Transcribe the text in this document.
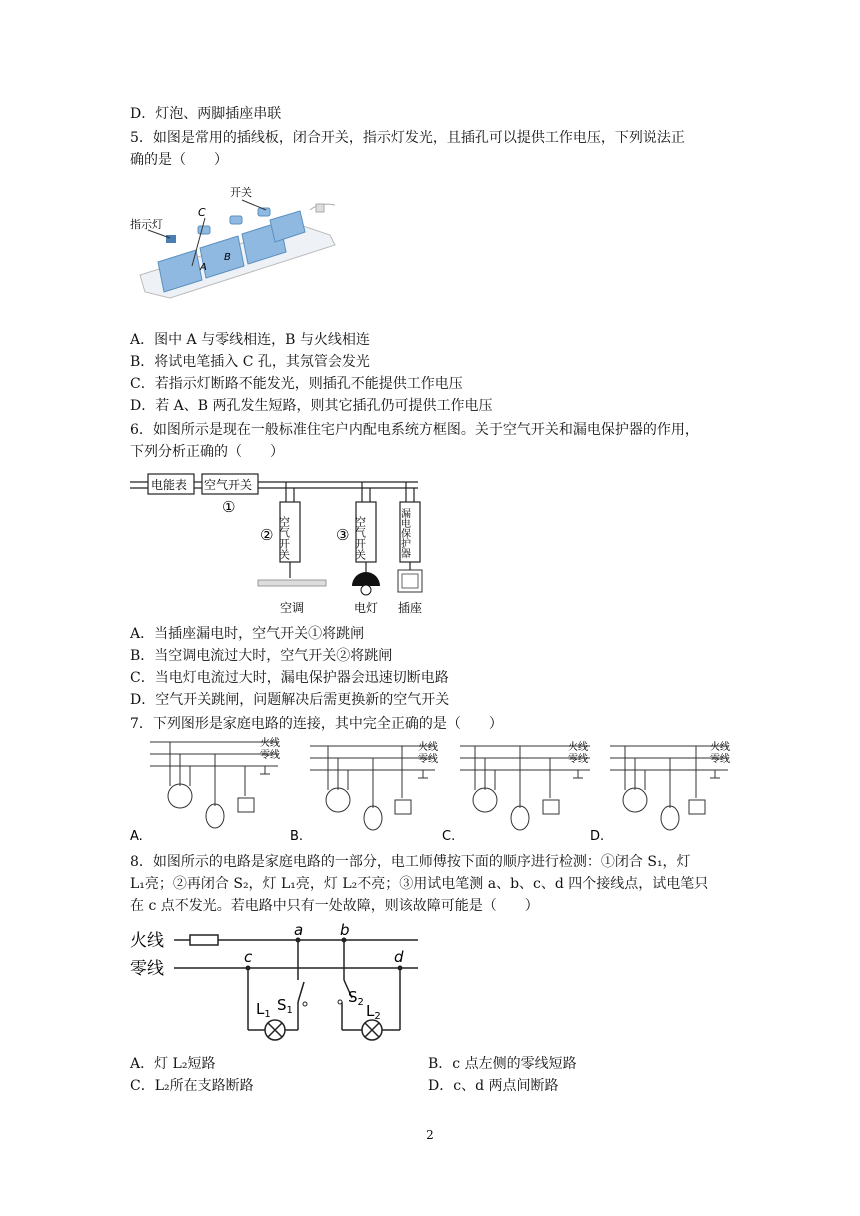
D．灯泡、两脚插座串联
5．如图是常用的插线板，闭合开关，指示灯发光，且插孔可以提供工作电压，下列说法正
确的是（　　）
开关
指示灯
C
A
B
A．图中 A 与零线相连，B 与火线相连
B．将试电笔插入 C 孔，其氖管会发光
C．若指示灯断路不能发光，则插孔不能提供工作电压
D．若 A、B 两孔发生短路，则其它插孔仍可提供工作电压
6．如图所示是现在一般标准住宅户内配电系统方框图。关于空气开关和漏电保护器的作用，
下列分析正确的（　　）
电能表 空气开关
①
②	③
空气开关	空气开关	漏电保护器
空调	电灯 插座
A．当插座漏电时，空气开关①将跳闸
B．当空调电流过大时，空气开关②将跳闸
C．当电灯电流过大时，漏电保护器会迅速切断电路
D．空气开关跳闸，问题解决后需更换新的空气开关
7．下列图形是家庭电路的连接，其中完全正确的是（　　）
火线
零线
火线
零线
火线
零线
火线
零线
A.	B.	C.	D.
8．如图所示的电路是家庭电路的一部分，电工师傅按下面的顺序进行检测：①闭合 S₁，灯
L₁亮；②再闭合 S₂，灯 L₁亮，灯 L₂不亮；③用试电笔测 a、b、c、d 四个接线点，试电笔只
在 c 点不发光。若电路中只有一处故障，则该故障可能是（　　）
火线
零线
a b
c	d
$L_1$
$S_1$
$S_2$ $L_2$
A．灯 L₂短路	B．c 点左侧的零线短路
C．L₂所在支路断路	D．c、d 两点间断路
2
